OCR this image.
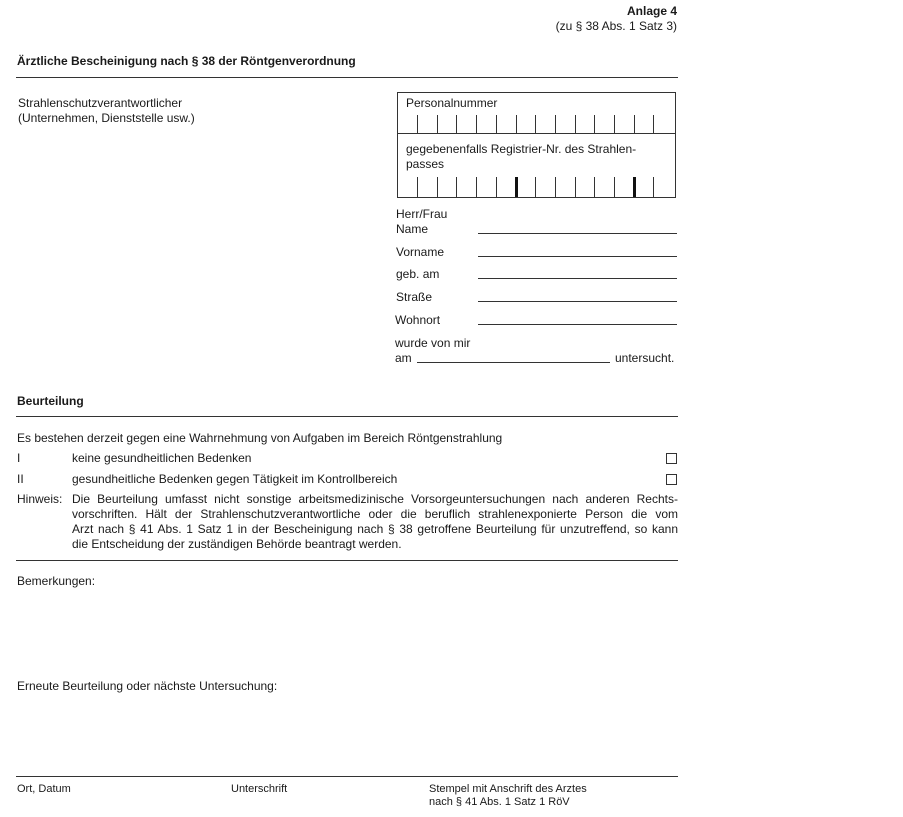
Anlage 4
(zu § 38 Abs. 1 Satz 3)
Ärztliche Bescheinigung nach § 38 der Röntgenverordnung
Strahlenschutzverantwortlicher
(Unternehmen, Dienststelle usw.)
Personalnummer
gegebenenfalls Registrier-Nr. des Strahlen-
passes
Herr/Frau
Name
Vorname
geb. am
Straße
Wohnort
wurde von mir
am	untersucht.
Beurteilung
Es bestehen derzeit gegen eine Wahrnehmung von Aufgaben im Bereich Röntgenstrahlung
I	keine gesundheitlichen Bedenken
II	gesundheitliche Bedenken gegen Tätigkeit im Kontrollbereich
Hinweis: Die Beurteilung umfasst nicht sonstige arbeitsmedizinische Vorsorgeuntersuchungen nach anderen Rechts-
vorschriften. Hält der Strahlenschutzverantwortliche oder die beruflich strahlenexponierte Person die vom
Arzt nach § 41 Abs. 1 Satz 1 in der Bescheinigung nach § 38 getroffene Beurteilung für unzutreffend, so kann
die Entscheidung der zuständigen Behörde beantragt werden.
Bemerkungen:
Erneute Beurteilung oder nächste Untersuchung:
Ort, Datum	Unterschrift	Stempel mit Anschrift des Arztes
nach § 41 Abs. 1 Satz 1 RöV
